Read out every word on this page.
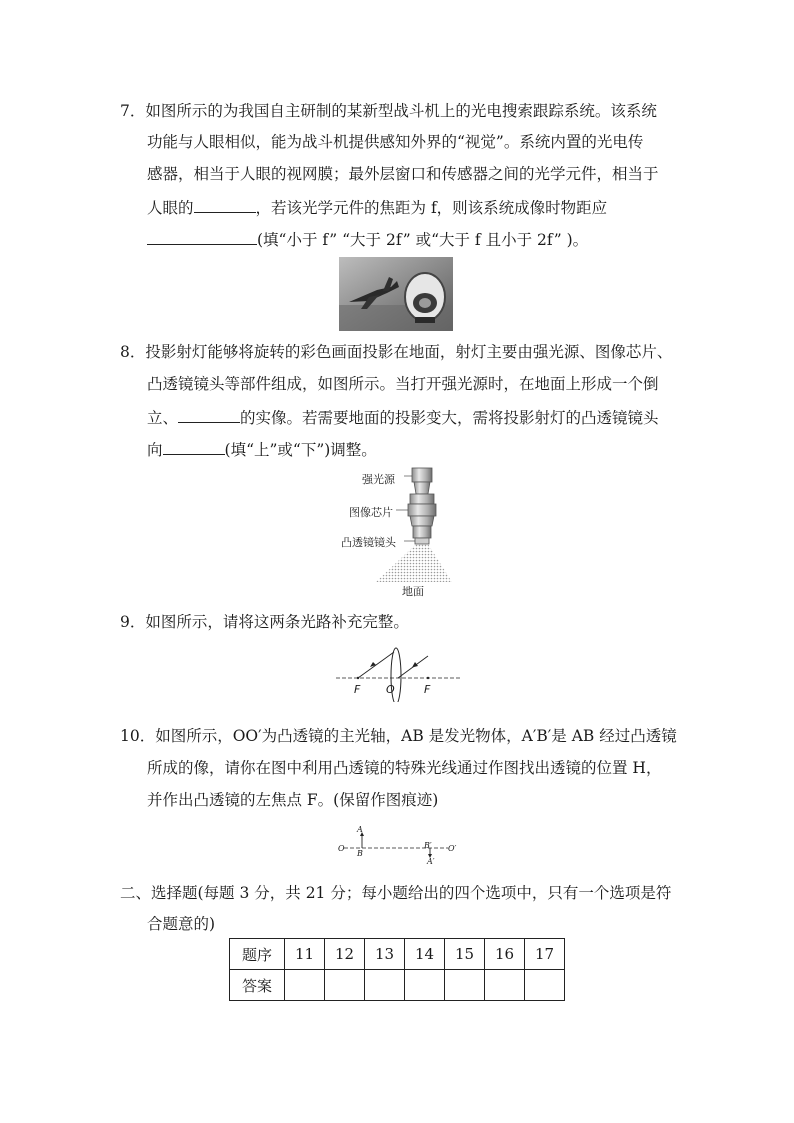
7．如图所示的为我国自主研制的某新型战斗机上的光电搜索跟踪系统。该系统
功能与人眼相似，能为战斗机提供感知外界的“视觉”。系统内置的光电传
感器，相当于人眼的视网膜；最外层窗口和传感器之间的光学元件，相当于
人眼的	，若该光学元件的焦距为 f，则该系统成像时物距应
(填“小于 f” “大于 2f” 或“大于 f 且小于 2f” )。
8．投影射灯能够将旋转的彩色画面投影在地面，射灯主要由强光源、图像芯片、
凸透镜镜头等部件组成，如图所示。当打开强光源时，在地面上形成一个倒
立、	的实像。若需要地面的投影变大，需将投影射灯的凸透镜镜头
向	(填“上”或“下”)调整。
强光源
图像芯片
凸透镜镜头
地面
9．如图所示，请将这两条光路补充完整。
F O	F
10．如图所示，OO′为凸透镜的主光轴，AB 是发光物体，A′B′是 AB 经过凸透镜
所成的像，请你在图中利用凸透镜的特殊光线通过作图找出透镜的位置 H，
并作出凸透镜的左焦点 F。(保留作图痕迹)
O
A
B
B′
A′
O′
二、选择题(每题 3 分，共 21 分；每小题给出的四个选项中，只有一个选项是符
合题意的)
题序	11	12	13	14	15	16	17
答案							
